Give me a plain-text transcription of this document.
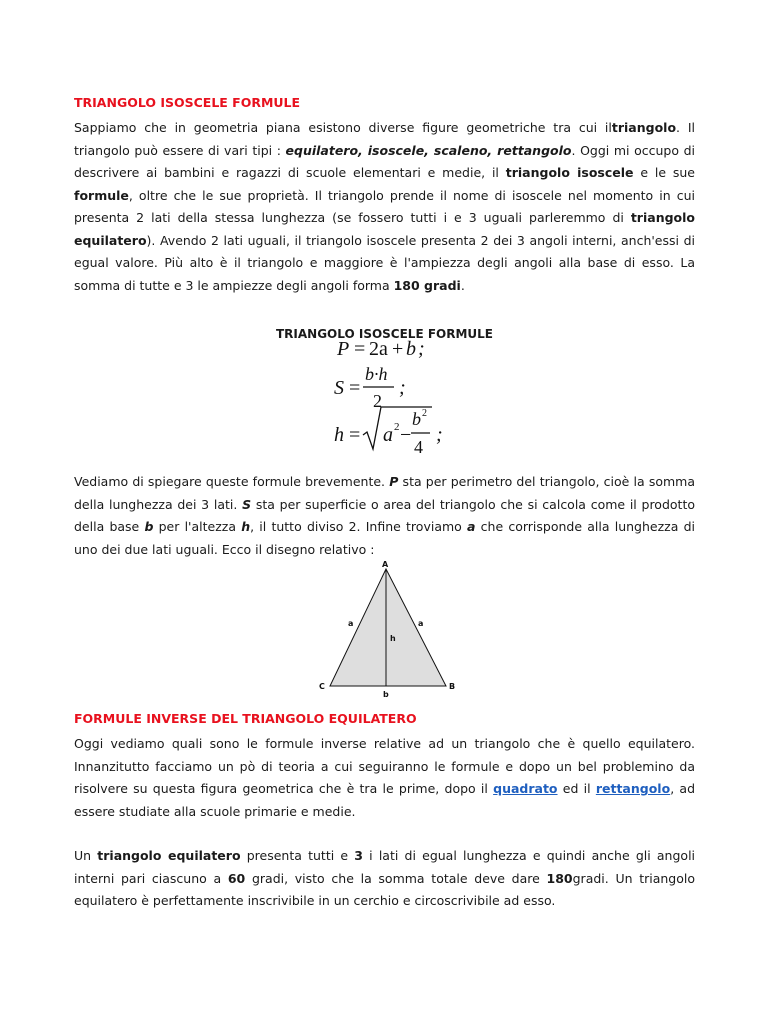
TRIANGOLO ISOSCELE FORMULE

Sappiamo che in geometria piana esistono diverse figure geometriche tra cui iltriangolo. Il triangolo può essere di vari tipi : equilatero, isoscele, scaleno, rettangolo. Oggi mi occupo di descrivere ai bambini e ragazzi di scuole elementari e medie, il triangolo isoscele e le sue formule, oltre che le sue proprietà. Il triangolo prende il nome di isoscele nel momento in cui presenta 2 lati della stessa lunghezza (se fossero tutti i e 3 uguali parleremmo di triangolo equilatero). Avendo 2 lati uguali, il triangolo isoscele presenta 2 dei 3 angoli interni, anch'essi di egual valore. Più alto è il triangolo e maggiore è l'ampiezza degli angoli alla base di esso. La somma di tutte e 3 le ampiezze degli angoli forma 180 gradi.

TRIANGOLO ISOSCELE FORMULE
P = 2a + b ;
S =
b·h
2
;
h = a 2 −
b 2
4
;

Vediamo di spiegare queste formule brevemente. P sta per perimetro del triangolo, cioè la somma della lunghezza dei 3 lati. S sta per superficie o area del triangolo che si calcola come il prodotto della base b per l'altezza h, il tutto diviso 2. Infine troviamo a che corrisponde alla lunghezza di uno dei due lati uguali. Ecco il disegno relativo :

A
C	B
a	a
h
b
FORMULE INVERSE DEL TRIANGOLO EQUILATERO

Oggi vediamo quali sono le formule inverse relative ad un triangolo che è quello equilatero. Innanzitutto facciamo un pò di teoria a cui seguiranno le formule e dopo un bel problemino da risolvere su questa figura geometrica che è tra le prime, dopo il quadrato ed il rettangolo, ad essere studiate alla scuole primarie e medie.

Un triangolo equilatero presenta tutti e 3 i lati di egual lunghezza e quindi anche gli angoli interni pari ciascuno a 60 gradi, visto che la somma totale deve dare 180gradi. Un triangolo equilatero è perfettamente inscrivibile in un cerchio e circoscrivibile ad esso.
